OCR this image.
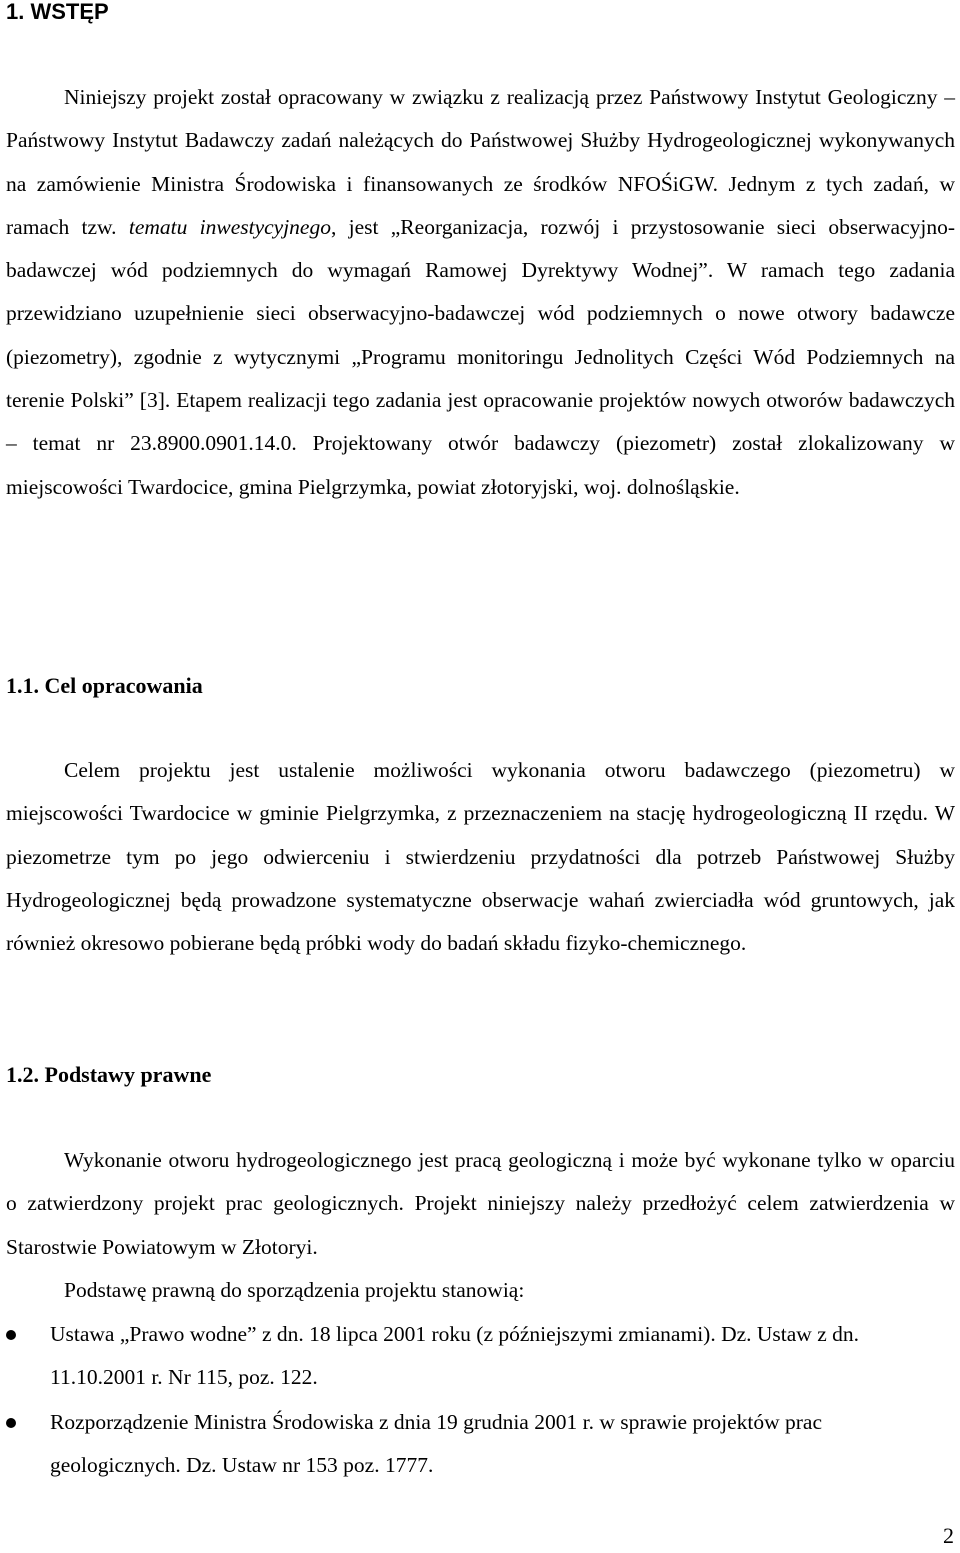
1. WSTĘP

Niniejszy projekt został opracowany w związku z realizacją przez Państwowy Instytut Geologiczny – Państwowy Instytut Badawczy zadań należących do Państwowej Służby Hydrogeologicznej wykonywanych na zamówienie Ministra Środowiska i finansowanych ze środków NFOŚiGW. Jednym z tych zadań, w ramach tzw. tematu inwestycyjnego, jest „Reorganizacja, rozwój i przystosowanie sieci obserwacyjno-badawczej wód podziemnych do wymagań Ramowej Dyrektywy Wodnej”. W ramach tego zadania przewidziano uzupełnienie sieci obserwacyjno-badawczej wód podziemnych o nowe otwory badawcze (piezometry), zgodnie z wytycznymi „Programu monitoringu Jednolitych Części Wód Podziemnych na terenie Polski” [3]. Etapem realizacji tego zadania jest opracowanie projektów nowych otworów badawczych – temat nr 23.8900.0901.14.0. Projektowany otwór badawczy (piezometr) został zlokalizowany w miejscowości Twardocice, gmina Pielgrzymka, powiat złotoryjski, woj. dolnośląskie.

1.1. Cel opracowania

Celem projektu jest ustalenie możliwości wykonania otworu badawczego (piezometru) w miejscowości Twardocice w gminie Pielgrzymka, z przeznaczeniem na stację hydrogeologiczną II rzędu. W piezometrze tym po jego odwierceniu i stwierdzeniu przydatności dla potrzeb Państwowej Służby Hydrogeologicznej będą prowadzone systematyczne obserwacje wahań zwierciadła wód gruntowych, jak również okresowo pobierane będą próbki wody do badań składu fizyko-chemicznego.

1.2. Podstawy prawne

Wykonanie otworu hydrogeologicznego jest pracą geologiczną i może być wykonane tylko w oparciu o zatwierdzony projekt prac geologicznych. Projekt niniejszy należy przedłożyć celem zatwierdzenia w Starostwie Powiatowym w Złotoryi.

Podstawę prawną do sporządzenia projektu stanowią:

Ustawa „Prawo wodne” z dn. 18 lipca 2001 roku (z późniejszymi zmianami). Dz. Ustaw z dn. 11.10.2001 r. Nr 115, poz. 122.
Rozporządzenie Ministra Środowiska z dnia 19 grudnia 2001 r. w sprawie projektów prac geologicznych. Dz. Ustaw nr 153 poz. 1777.
2
